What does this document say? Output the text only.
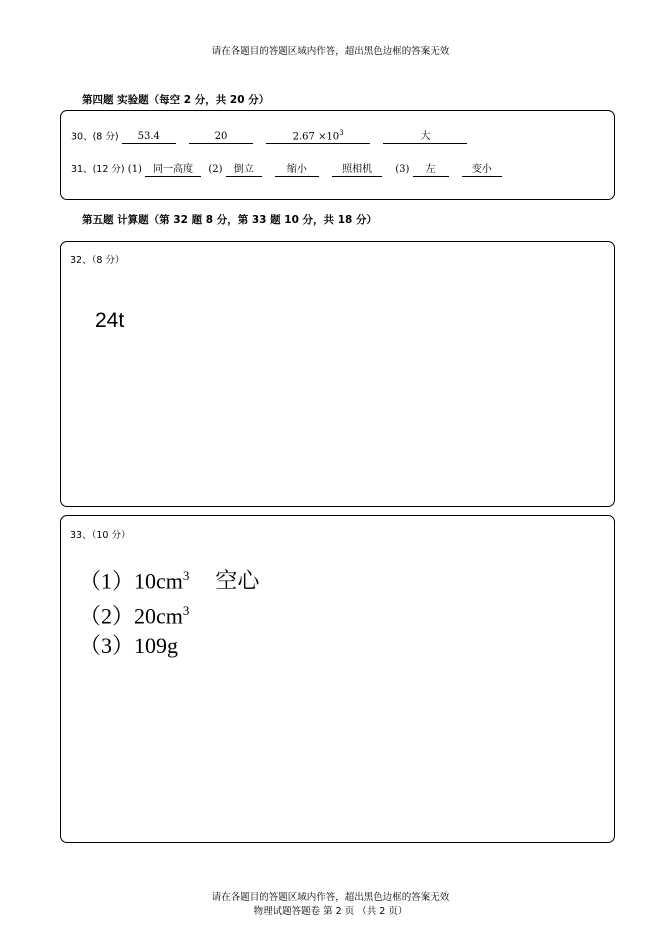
请在各题目的答题区域内作答，超出黑色边框的答案无效
第四题 实验题（每空 2 分，共 20 分）
30、(8 分) 53.4	20	$2.67 \times 10^3$	大
31、(12 分) (1) 同一高度 (2) 倒立	缩小	照相机 (3) 左	变小
第五题 计算题（第 32 题 8 分，第 33 题 10 分，共 18 分）
32、（8 分）
24t
33、（10 分）
$(1)10cm^3$ 空心
$(2)20cm^3$
（3）109g
请在各题目的答题区域内作答，超出黑色边框的答案无效
物理试题答题卷 第 2 页 （共 2 页）
